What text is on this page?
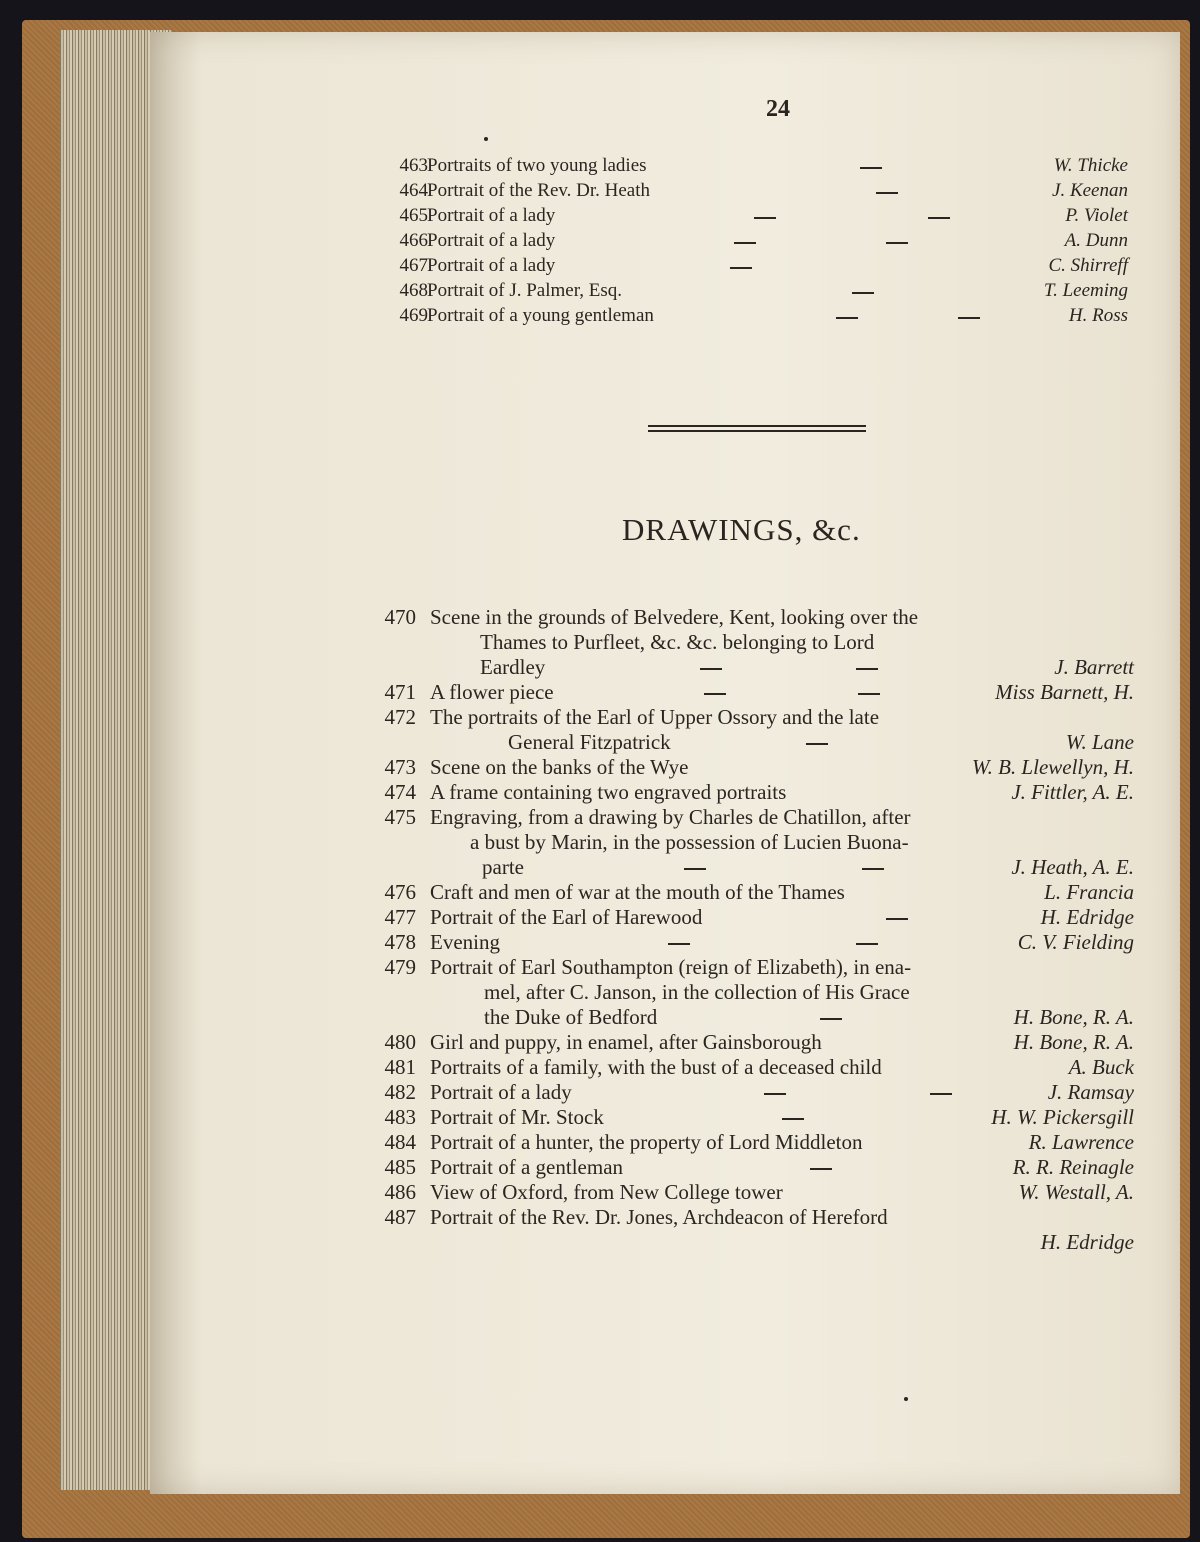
24
463 Portraits of two young ladies	W. Thicke
464 Portrait of the Rev. Dr. Heath	J. Keenan
465 Portrait of a lady	P. Violet
466 Portrait of a lady	A. Dunn
467 Portrait of a lady	C. Shirreff
468 Portrait of J. Palmer, Esq.	T. Leeming
469 Portrait of a young gentleman	H. Ross
DRAWINGS, &c.
470 Scene in the grounds of Belvedere, Kent, looking over the
Thames to Purfleet, &c. &c. belonging to Lord
Eardley	J. Barrett
471 A flower piece	Miss Barnett, H.
472 The portraits of the Earl of Upper Ossory and the late
General Fitzpatrick	W. Lane
473 Scene on the banks of the Wye	W. B. Llewellyn, H.
474 A frame containing two engraved portraits	J. Fittler, A. E.
475 Engraving, from a drawing by Charles de Chatillon, after
a bust by Marin, in the possession of Lucien Buona-
parte	J. Heath, A. E.
476 Craft and men of war at the mouth of the Thames	L. Francia
477 Portrait of the Earl of Harewood	H. Edridge
478 Evening	C. V. Fielding
479 Portrait of Earl Southampton (reign of Elizabeth), in ena-
mel, after C. Janson, in the collection of His Grace
the Duke of Bedford	H. Bone, R. A.
480 Girl and puppy, in enamel, after Gainsborough	H. Bone, R. A.
481 Portraits of a family, with the bust of a deceased child	A. Buck
482 Portrait of a lady	J. Ramsay
483 Portrait of Mr. Stock	H. W. Pickersgill
484 Portrait of a hunter, the property of Lord Middleton	R. Lawrence
485 Portrait of a gentleman	R. R. Reinagle
486 View of Oxford, from New College tower	W. Westall, A.
487 Portrait of the Rev. Dr. Jones, Archdeacon of Hereford
H. Edridge
